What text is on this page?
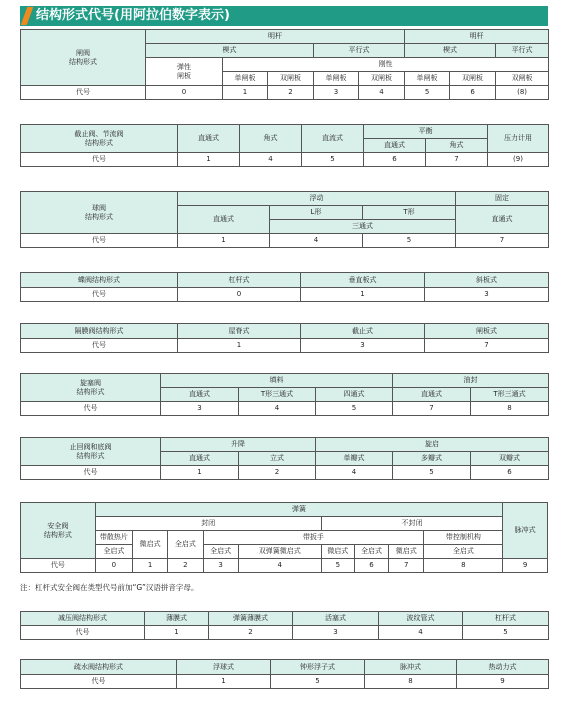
结构形式代号(用阿拉伯数字表示)
闸阀
结构形式	明杆					明杆		
	楔式			平行式		楔式		平行式
	弹性
闸板	刚性						
		单闸板	双闸板	单闸板	双闸板	单闸板	双闸板	双闸板
代号	0	1	2	3	4	5	6	(8)
截止阀、节流阀
结构形式	直通式	角式	直流式	平衡		压力计用
				直通式	角式	
代号	1	4	5	6	7	(9)
球阀
结构形式	浮动			固定
	直通式	L形	T形	直通式
		三通式		
代号	1	4	5	7
蝶阀结构形式	杠杆式	垂直板式	斜板式
代号	0	1	3
隔膜阀结构形式	屋脊式	截止式	闸板式
代号	1	3	7
旋塞阀
结构形式	填料			油封	
	直通式	T形三通式	四通式	直通式	T形三通式
代号	3	4	5	7	8
止回阀和底阀
结构形式	升降		旋启		
	直通式	立式	单瓣式	多瓣式	双瓣式
代号	1	2	4	5	6
安全阀
结构形式	弹簧									脉冲式
	封闭					不封闭				
	带散热片	微启式	全启式	带扳手					带控制机构	
	全启式			全启式	双弹簧微启式	微启式	全启式	微启式	全启式	
代号	0	1	2	3	4	5	6	7	8	9
注：杠杆式安全阀在类型代号前加“G”汉语拼音字母。
减压阀结构形式	薄膜式	弹簧薄膜式	活塞式	波纹管式	杠杆式
代号	1	2	3	4	5
疏水阀结构形式	浮球式	钟形浮子式	脉冲式	热动力式
代号	1	5	8	9
